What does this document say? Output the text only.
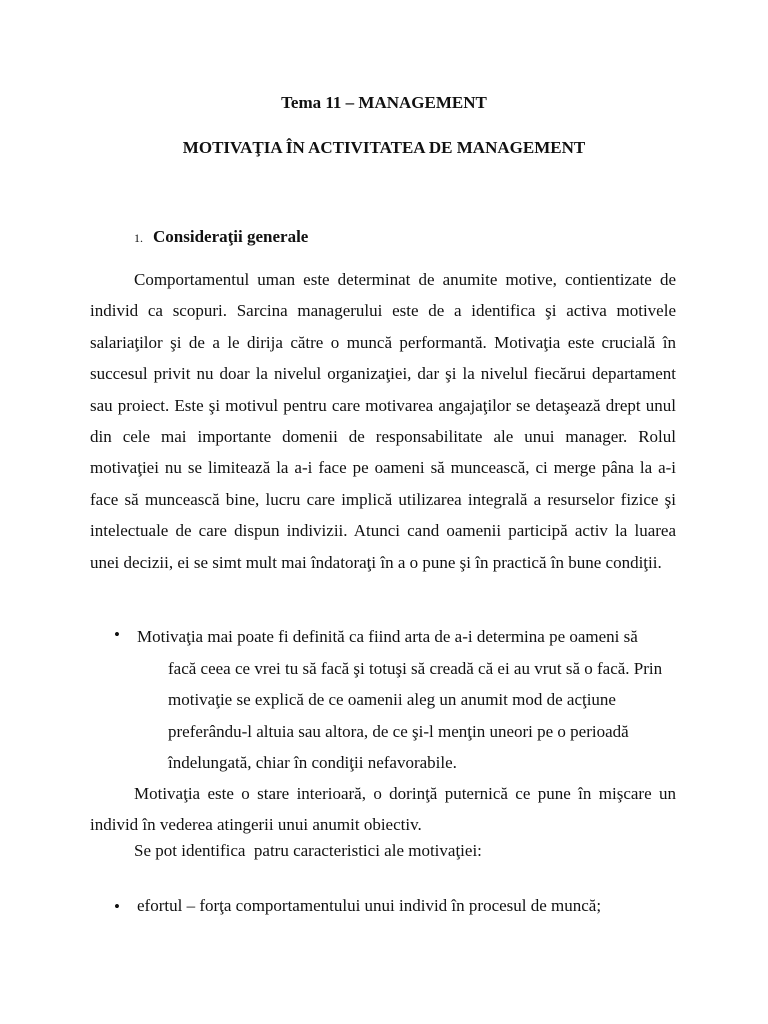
Tema 11 – MANAGEMENT
MOTIVAŢIA ÎN ACTIVITATEA DE MANAGEMENT
1. Consideraţii generale

Comportamentul uman este determinat de anumite motive, contientizate de individ ca scopuri. Sarcina managerului este de a identifica şi activa motivele salariaţilor şi de a le dirija către o muncă performantă. Motivaţia este crucială în succesul privit nu doar la nivelul organizaţiei, dar şi la nivelul fiecărui departament sau proiect. Este şi motivul pentru care motivarea angajaţilor se detaşează drept unul din cele mai importante domenii de responsabilitate ale unui manager. Rolul motivaţiei nu se limitează la a-i face pe oameni să muncească, ci merge pâna la a-i face să muncească bine, lucru care implică utilizarea integrală a resurselor fizice şi intelectuale de care dispun indivizii. Atunci cand oamenii participă activ la luarea unei decizii, ei se simt mult mai îndatoraţi în a o pune şi în practică în bune condiţii.

• Motivaţia mai poate fi definită ca fiind arta de a-i determina pe oameni să
facă ceea ce vrei tu să facă şi totuşi să creadă că ei au vrut să o facă. Prin motivaţie se explică de ce oamenii aleg un anumit mod de acţiune preferându-l altuia sau altora, de ce şi-l menţin uneori pe o perioadă îndelungată, chiar în condiţii nefavorabile.

Motivaţia este o stare interioară, o dorinţă puternică ce pune în mişcare un individ în vederea atingerii unui anumit obiectiv.

Se pot identifica  patru caracteristici ale motivaţiei:

• efortul – forţa comportamentului unui individ în procesul de muncă;
